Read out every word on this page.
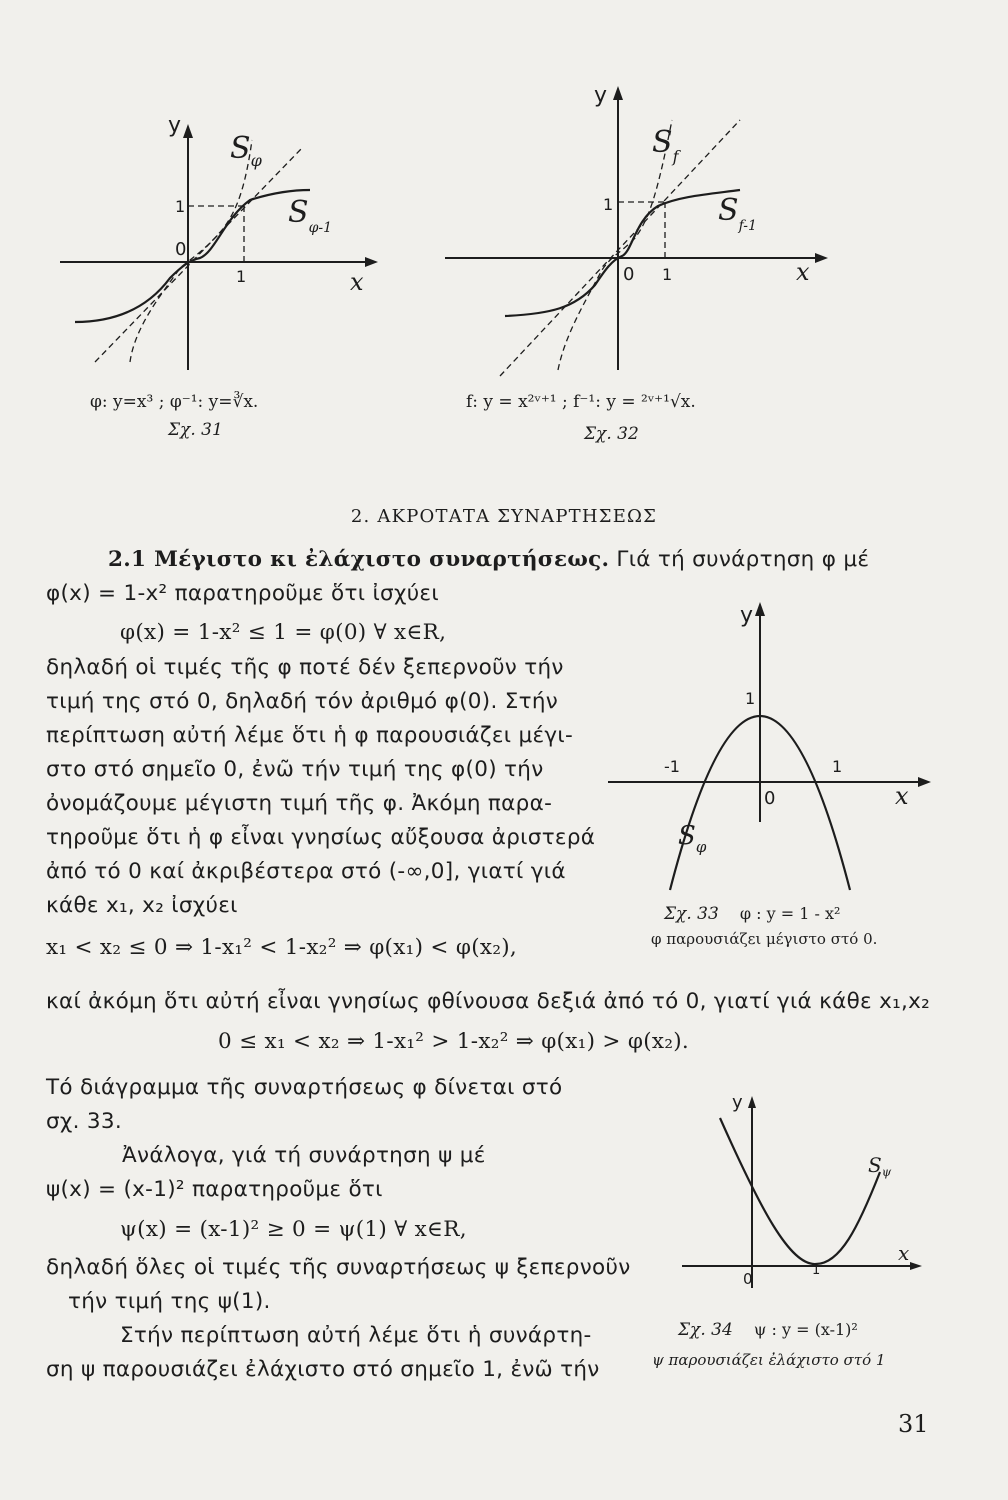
y
x
0
1
1
$S_\varphi$
$S_{\varphi-1}$
φ: y=x³ ; φ⁻¹: y=∛x.
Σχ. 31
y
x
0 1
1
$S_f$
$S_{f-1}$
f: y = x²ᵛ⁺¹ ; f⁻¹: y = ²ᵛ⁺¹√x.
Σχ. 32
2. ΑΚΡΟΤΑΤΑ ΣΥΝΑΡΤΗΣΕΩΣ
2.1 Μέγιστο κι ἐλάχιστο συναρτήσεως. Γιά τή συνάρτηση φ μέ
φ(x) = 1-x² παρατηροῦμε ὅτι ἰσχύει
φ(x) = 1-x² ≤ 1 = φ(0) ∀ x∈R,
δηλαδή οἱ τιμές τῆς φ ποτέ δέν ξεπερνοῦν τήν
τιμή της στό 0, δηλαδή τόν ἀριθμό φ(0). Στήν
περίπτωση αὐτή λέμε ὅτι ἡ φ παρουσιάζει μέγι-
στο στό σημεῖο 0, ἐνῶ τήν τιμή της φ(0) τήν
ὀνομάζουμε μέγιστη τιμή τῆς φ. Ἀκόμη παρα-
τηροῦμε ὅτι ἡ φ εἶναι γνησίως αὔξουσα ἀριστερά
ἀπό τό 0 καί ἀκριβέστερα στό (-∞,0], γιατί γιά
κάθε x₁, x₂ ἰσχύει
x₁ < x₂ ≤ 0 ⇒ 1-x₁² < 1-x₂² ⇒ φ(x₁) < φ(x₂),
καί ἀκόμη ὅτι αὐτή εἶναι γνησίως φθίνουσα δεξιά ἀπό τό 0, γιατί γιά κάθε x₁,x₂
0 ≤ x₁ < x₂ ⇒ 1-x₁² > 1-x₂² ⇒ φ(x₁) > φ(x₂).
Τό διάγραμμα τῆς συναρτήσεως φ δίνεται στό
σχ. 33.
Ἀνάλογα, γιά τή συνάρτηση ψ μέ
ψ(x) = (x-1)² παρατηροῦμε ὅτι
ψ(x) = (x-1)² ≥ 0 = ψ(1) ∀ x∈R,
δηλαδή ὅλες οἱ τιμές τῆς συναρτήσεως ψ ξεπερνοῦν
τήν τιμή της ψ(1).
Στήν περίπτωση αὐτή λέμε ὅτι ἡ συνάρτη-
ση ψ παρουσιάζει ἐλάχιστο στό σημεῖο 1, ἐνῶ τήν
y
x
0
1
-1	1
$S_\varphi$
Σχ. 33 φ : y = 1 - x²
φ παρουσιάζει μέγιστο στό 0.
y
x
0	1
$S_\psi$
Σχ. 34 ψ : y = (x-1)²
ψ παρουσιάζει ἐλάχιστο στό 1
31
